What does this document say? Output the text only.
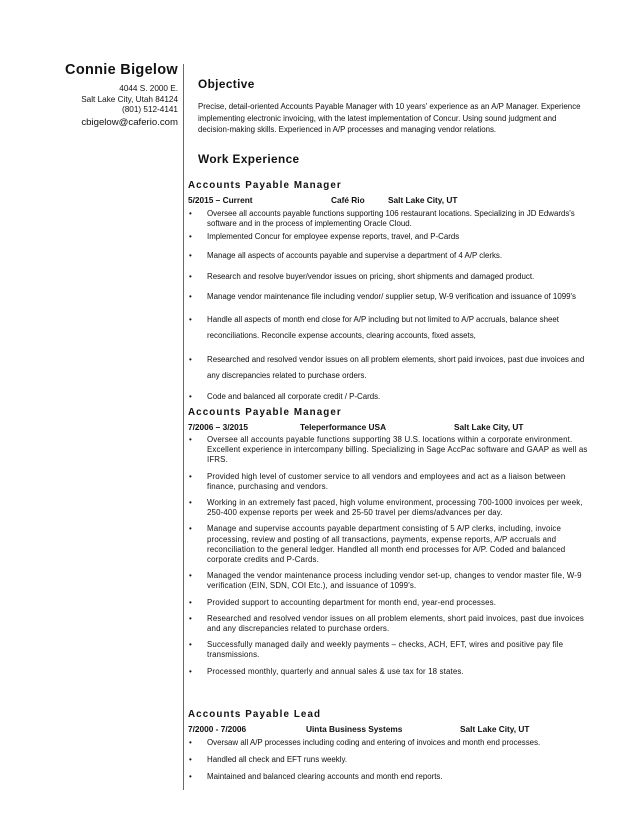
Connie Bigelow
4044 S. 2000 E.
Salt Lake City, Utah 84124
(801) 512-4141
cbigelow@caferio.com
Objective
Precise, detail-oriented Accounts Payable Manager with 10 years' experience as an A/P Manager. Experience implementing electronic invoicing, with the latest implementation of Concur. Using sound judgment and decision-making skills. Experienced in A/P processes and managing vendor relations.
Work Experience
Accounts Payable Manager
5/2015 – Current	Café Rio	Salt Lake City, UT
• Oversee all accounts payable functions supporting 106 restaurant locations. Specializing in JD Edwards's software and in the process of implementing Oracle Cloud.
• Implemented Concur for employee expense reports, travel, and P-Cards
• Manage all aspects of accounts payable and supervise a department of 4 A/P clerks.
• Research and resolve buyer/vendor issues on pricing, short shipments and damaged product.
• Manage vendor maintenance file including vendor/ supplier setup, W-9 verification and issuance of 1099's
• Handle all aspects of month end close for A/P including but not limited to A/P accruals, balance sheet reconciliations. Reconcile expense accounts, clearing accounts, fixed assets,
• Researched and resolved vendor issues on all problem elements, short paid invoices, past due invoices and any discrepancies related to purchase orders.
• Code and balanced all corporate credit / P-Cards.
Accounts Payable Manager
7/2006 – 3/2015	Teleperformance USA	Salt Lake City, UT
• Oversee all accounts payable functions supporting 38 U.S. locations within a corporate environment. Excellent experience in intercompany billing. Specializing in Sage AccPac software and GAAP as well as IFRS.
• Provided high level of customer service to all vendors and employees and act as a liaison between finance, purchasing and vendors.
• Working in an extremely fast paced, high volume environment, processing 700-1000 invoices per week, 250-400 expense reports per week and 25-50 travel per diems/advances per day.
• Manage and supervise accounts payable department consisting of 5 A/P clerks, including, invoice processing, review and posting of all transactions, payments, expense reports, A/P accruals and reconciliation to the general ledger. Handled all month end processes for A/P. Coded and balanced corporate credits and P-Cards.
• Managed the vendor maintenance process including vendor set-up, changes to vendor master file, W-9 verification (EIN, SDN, COI Etc.), and issuance of 1099's.
• Provided support to accounting department for month end, year-end processes.
• Researched and resolved vendor issues on all problem elements, short paid invoices, past due invoices and any discrepancies related to purchase orders.
• Successfully managed daily and weekly payments – checks, ACH, EFT, wires and positive pay file transmissions.
• Processed monthly, quarterly and annual sales & use tax for 18 states.
Accounts Payable Lead
7/2000 - 7/2006	Uinta Business Systems	Salt Lake City, UT
• Oversaw all A/P processes including coding and entering of invoices and month end processes.
• Handled all check and EFT runs weekly.
• Maintained and balanced clearing accounts and month end reports.
